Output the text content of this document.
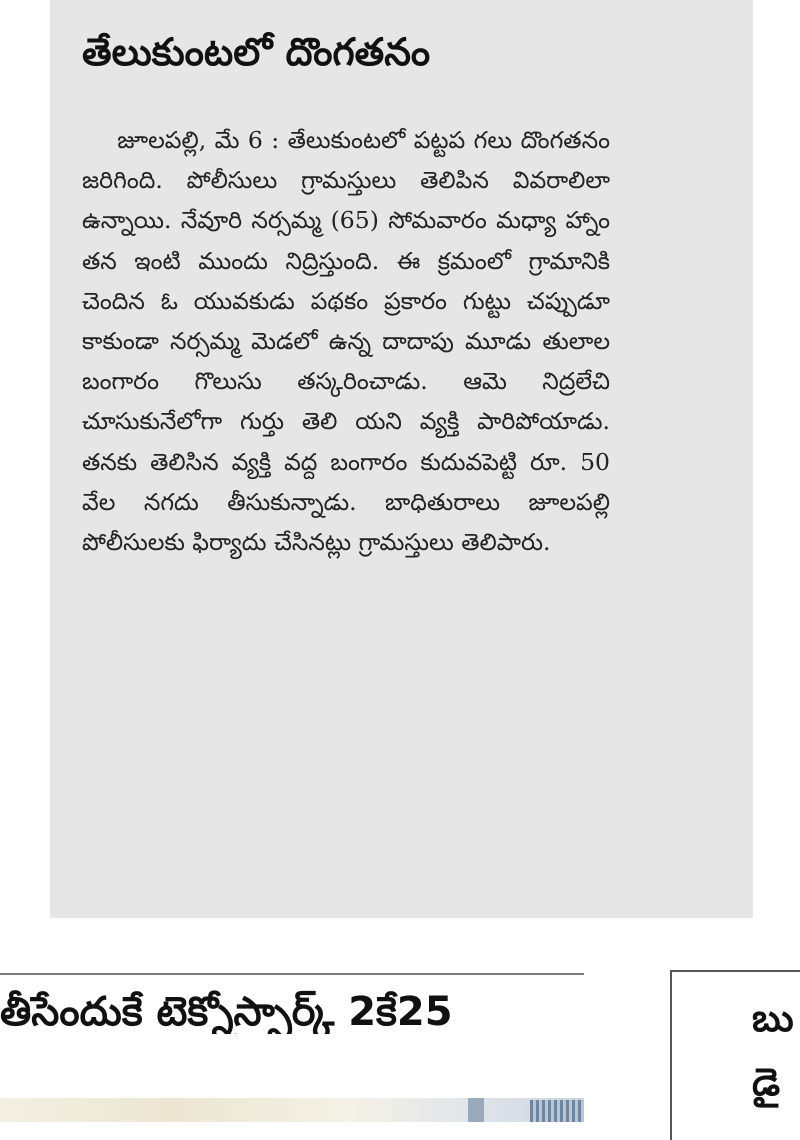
తేలుకుంటలో దొంగతనం

జూలపల్లి, మే 6 : తేలుకుంటలో పట్టప గలు దొంగతనం జరిగింది. పోలీసులు గ్రామస్తులు తెలిపిన వివరాలిలా ఉన్నాయి. నేవూరి నర్సమ్మ (65) సోమవారం మధ్యా హ్నాం తన ఇంటి ముందు నిద్రిస్తుంది. ఈ క్రమంలో గ్రామానికి చెందిన ఓ యువకుడు పథకం ప్రకారం గుట్టు చప్పుడూ కాకుండా నర్సమ్మ మెడలో ఉన్న దాదాపు మూడు తులాల బంగారం గొలుసు తస్కరించాడు. ఆమె నిద్రలేచి చూసుకునేలోగా గుర్తు తెలి యని వ్యక్తి పారిపోయాడు. తనకు తెలిసిన వ్యక్తి వద్ద బంగారం కుదువపెట్టి రూ. 50 వేల నగదు తీసుకున్నాడు. బాధితురాలు జూలపల్లి పోలీసులకు ఫిర్యాదు చేసినట్లు గ్రామస్తులు తెలిపారు.

తీసేందుకే టెక్నోస్పార్క్ 2కే25	బు
డై
